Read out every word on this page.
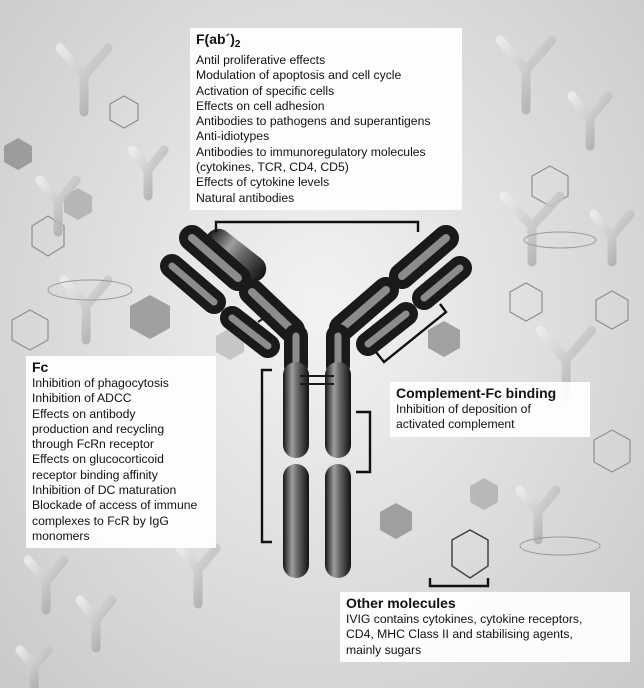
$F(ab´)_2$
Antil proliferative effects
Modulation of apoptosis and cell cycle
Activation of specific cells
Effects on cell adhesion
Antibodies to pathogens and superantigens
Anti-idiotypes
Antibodies to immunoregulatory molecules
(cytokines, TCR, CD4, CD5)
Effects of cytokine levels
Natural antibodies
Fc
Inhibition of phagocytosis
Inhibition of ADCC
Effects on antibody
production and recycling
through FcRn receptor
Effects on glucocorticoid
receptor binding affinity
Inhibition of DC maturation
Blockade of access of immune
complexes to FcR by IgG
monomers
Complement-Fc binding
Inhibition of deposition of
activated complement
Other molecules
IVIG contains cytokines, cytokine receptors,
CD4, MHC Class II and stabilising agents,
mainly sugars
